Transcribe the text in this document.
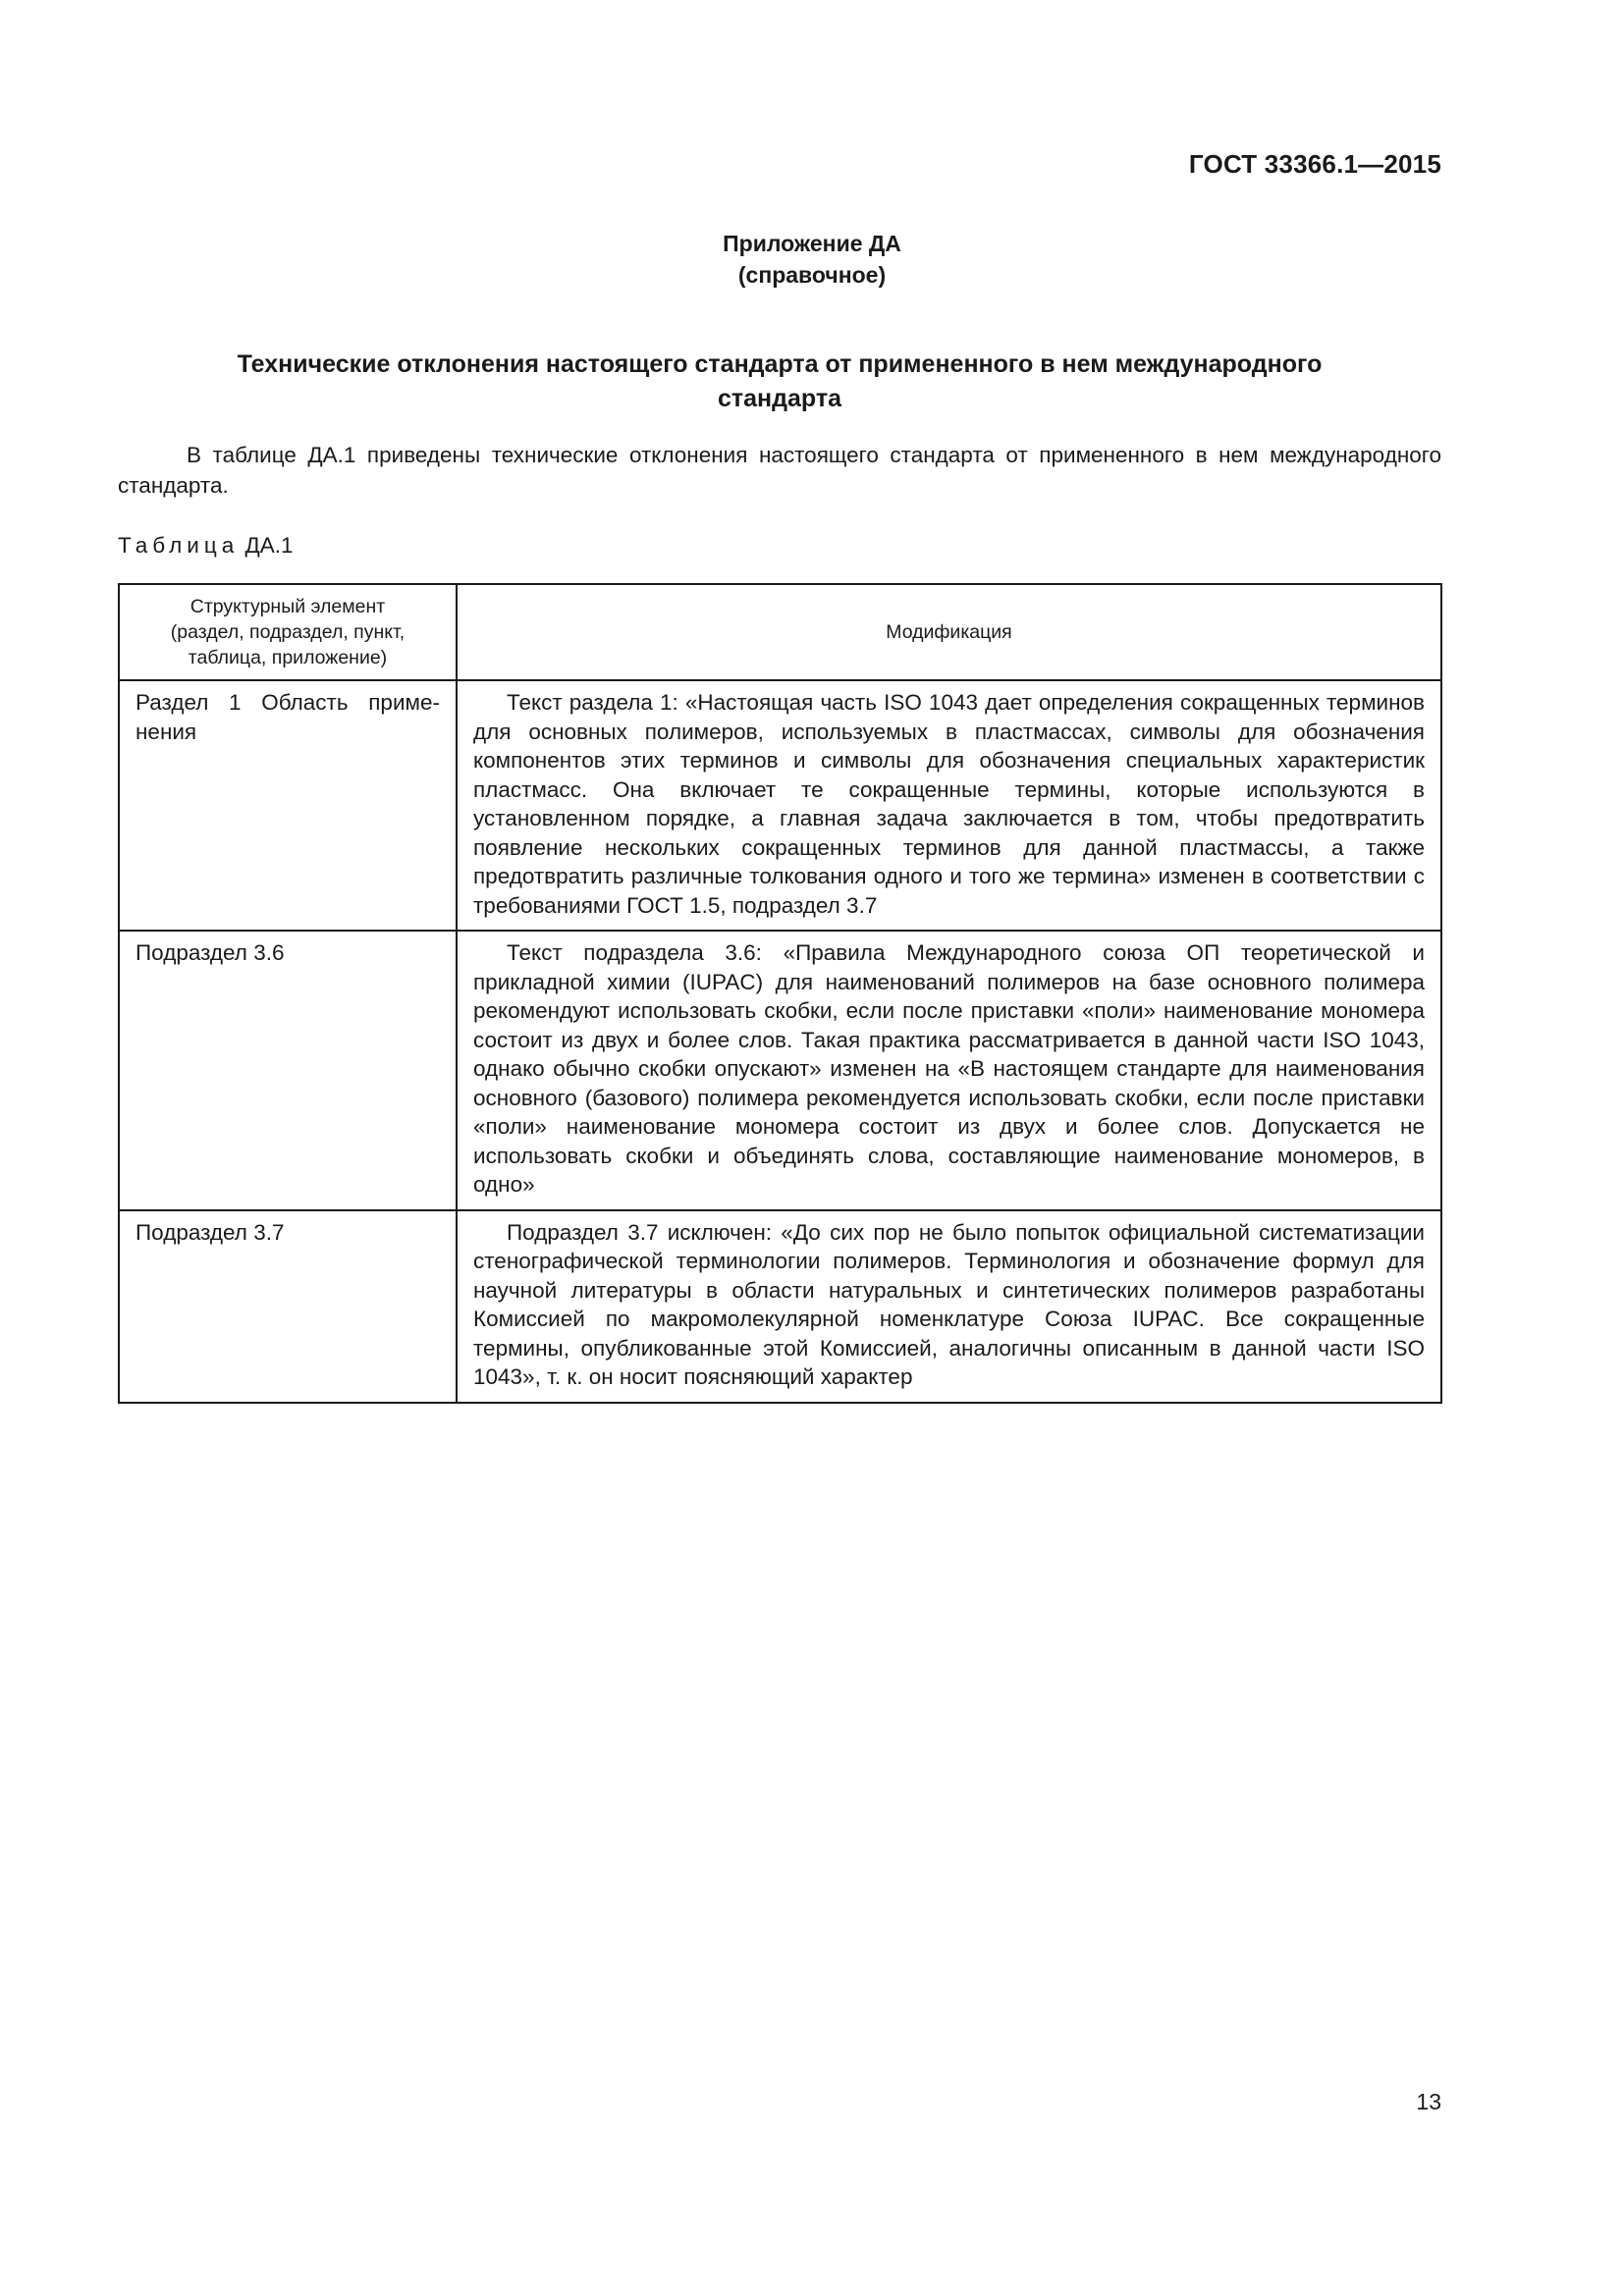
ГОСТ 33366.1—2015
Приложение ДА
(справочное)
Технические отклонения настоящего стандарта от примененного в нем международного
стандарта

В таблице ДА.1 приведены технические отклонения настоящего стандарта от примененного в нем международного стандарта.

Таблица ДА.1
Структурный элемент
(раздел, подраздел, пункт,
таблица, приложение)	Модификация
Раздел 1 Область применения	Текст раздела 1: «Настоящая часть ISO 1043 дает определения сокращенных терминов для основных полимеров, используемых в пластмассах, символы для обозначения компонентов этих терминов и символы для обозначения специальных характеристик пластмасс. Она включает те сокращенные термины, которые используются в установленном порядке, а главная задача заключается в том, чтобы предотвратить появление нескольких сокращенных терминов для данной пластмассы, а также предотвратить различные толкования одного и того же термина» изменен в соответствии с требованиями ГОСТ 1.5, подраздел 3.7
Подраздел 3.6	Текст подраздела 3.6: «Правила Международного союза ОП теоретической и прикладной химии (IUPAC) для наименований полимеров на базе основного полимера рекомендуют использовать скобки, если после приставки «поли» наименование мономера состоит из двух и более слов. Такая практика рассматривается в данной части ISO 1043, однако обычно скобки опускают» изменен на «В настоящем стандарте для наименования основного (базового) полимера рекомендуется использовать скобки, если после приставки «поли» наименование мономера состоит из двух и более слов. Допускается не использовать скобки и объединять слова, составляющие наименование мономеров, в одно»
Подраздел 3.7	Подраздел 3.7 исключен: «До сих пор не было попыток официальной систематизации стенографической терминологии полимеров. Терминология и обозначение формул для научной литературы в области натуральных и синтетических полимеров разработаны Комиссией по макромолекулярной номенклатуре Союза IUPAC. Все сокращенные термины, опубликованные этой Комиссией, аналогичны описанным в данной части ISO 1043», т. к. он носит поясняющий характер
13
